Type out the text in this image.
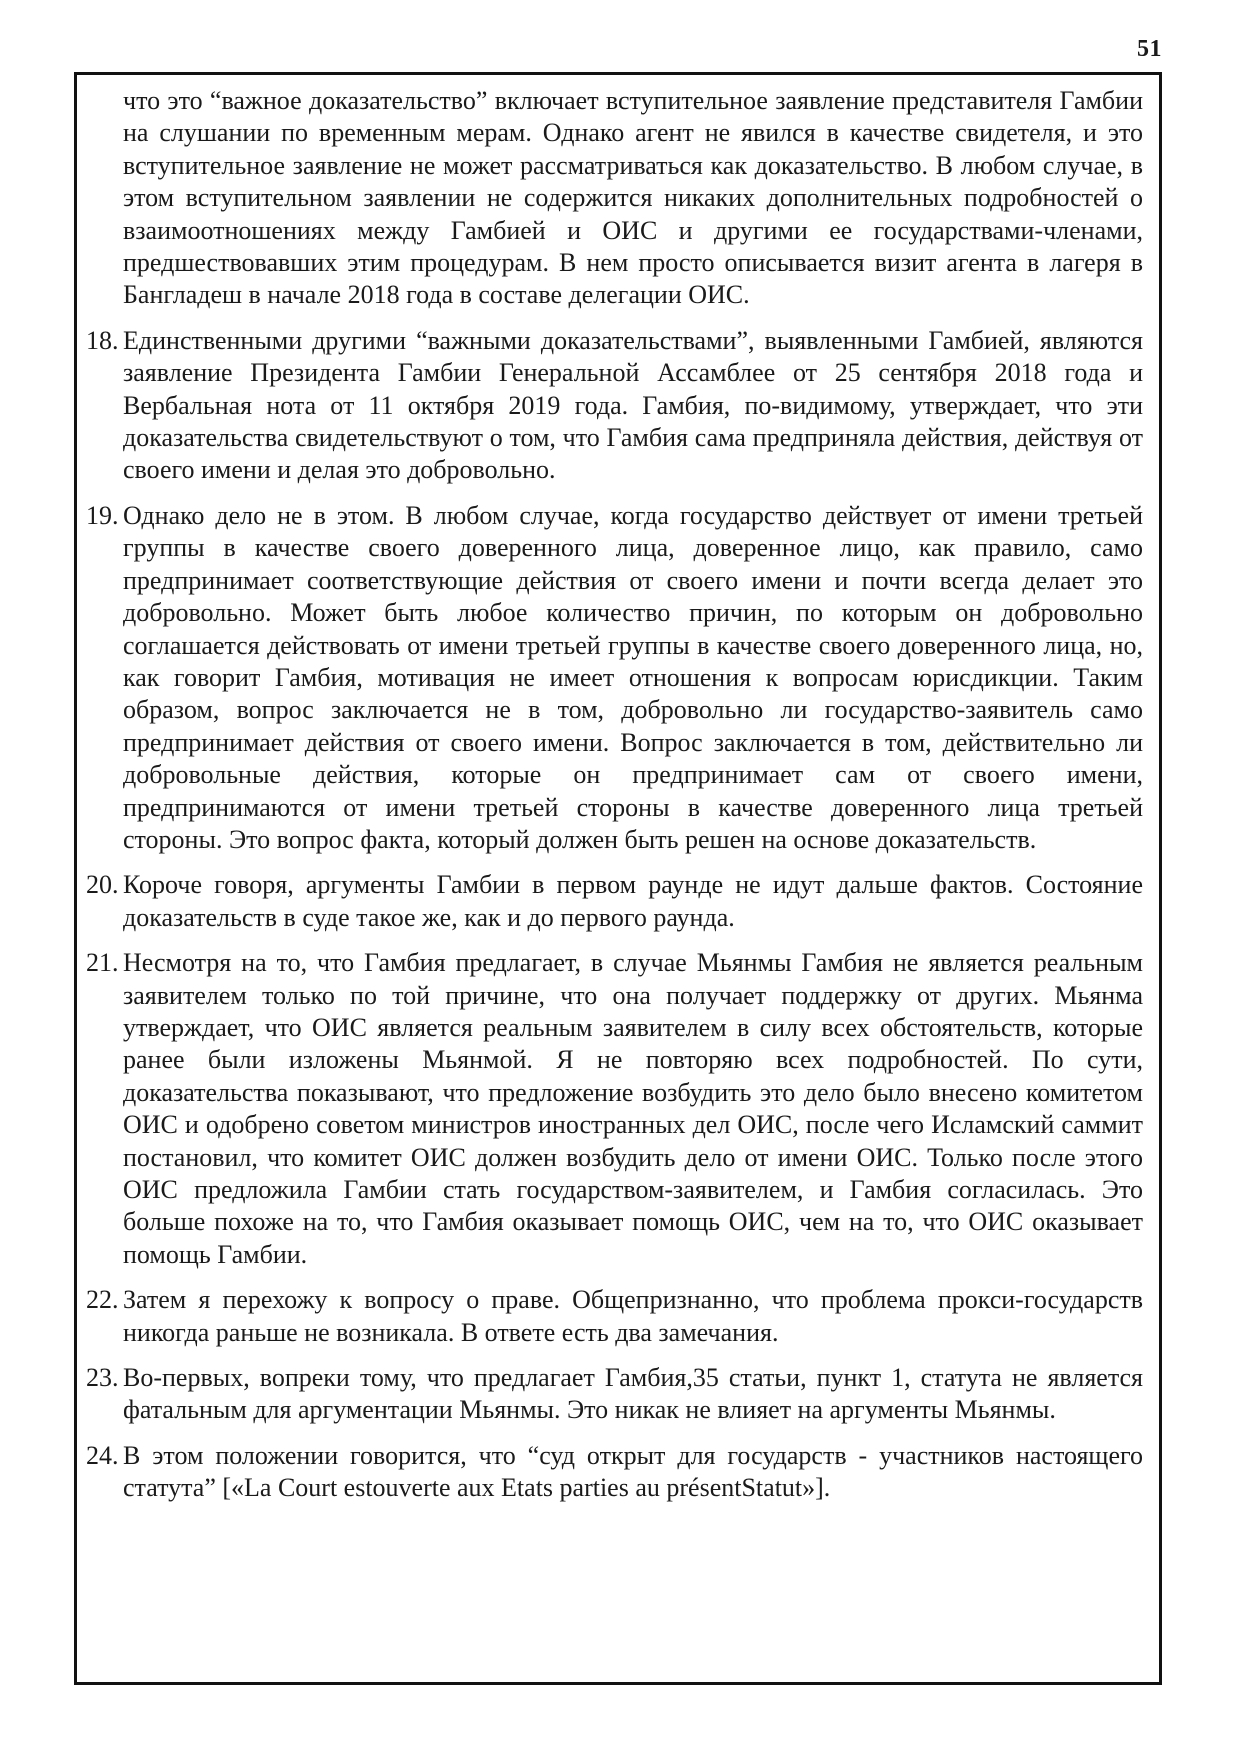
51
что это “важное доказательство” включает вступительное заявление представителя Гамбии на слушании по временным мерам. Однако агент не явился в качестве свидетеля, и это вступительное заявление не может рассматриваться как доказательство. В любом случае, в этом вступительном заявлении не содержится никаких дополнительных подробностей о взаимоотношениях между Гамбией и ОИС и другими ее государствами-членами, предшествовавших этим процедурам. В нем просто описывается визит агента в лагеря в Бангладеш в начале 2018 года в составе делегации ОИС.
18. Единственными другими “важными доказательствами”, выявленными Гамбией, являются заявление Президента Гамбии Генеральной Ассамблее от 25 сентября 2018 года и Вербальная нота от 11 октября 2019 года. Гамбия, по-видимому, утверждает, что эти доказательства свидетельствуют о том, что Гамбия сама предприняла действия, действуя от своего имени и делая это добровольно.
19. Однако дело не в этом. В любом случае, когда государство действует от имени третьей группы в качестве своего доверенного лица, доверенное лицо, как правило, само предпринимает соответствующие действия от своего имени и почти всегда делает это добровольно. Может быть любое количество причин, по которым он добровольно соглашается действовать от имени третьей группы в качестве своего доверенного лица, но, как говорит Гамбия, мотивация не имеет отношения к вопросам юрисдикции. Таким образом, вопрос заключается не в том, добровольно ли государство-заявитель само предпринимает действия от своего имени. Вопрос заключается в том, действительно ли добровольные действия, которые он предпринимает сам от своего имени, предпринимаются от имени третьей стороны в качестве доверенного лица третьей стороны. Это вопрос факта, который должен быть решен на основе доказательств.
20. Короче говоря, аргументы Гамбии в первом раунде не идут дальше фактов. Состояние доказательств в суде такое же, как и до первого раунда.
21. Несмотря на то, что Гамбия предлагает, в случае Мьянмы Гамбия не является реальным заявителем только по той причине, что она получает поддержку от других. Мьянма утверждает, что ОИС является реальным заявителем в силу всех обстоятельств, которые ранее были изложены Мьянмой. Я не повторяю всех подробностей. По сути, доказательства показывают, что предложение возбудить это дело было внесено комитетом ОИС и одобрено советом министров иностранных дел ОИС, после чего Исламский саммит постановил, что комитет ОИС должен возбудить дело от имени ОИС. Только после этого ОИС предложила Гамбии стать государством-заявителем, и Гамбия согласилась. Это больше похоже на то, что Гамбия оказывает помощь ОИС, чем на то, что ОИС оказывает помощь Гамбии.
22. Затем я перехожу к вопросу о праве. Общепризнанно, что проблема прокси-государств никогда раньше не возникала. В ответе есть два замечания.
23. Во-первых, вопреки тому, что предлагает Гамбия,35 статьи, пункт 1, статута не является фатальным для аргументации Мьянмы. Это никак не влияет на аргументы Мьянмы.
24. В этом положении говорится, что “суд открыт для государств - участников настоящего статута” [«La Court estouverte aux Etats parties au présentStatut»].
